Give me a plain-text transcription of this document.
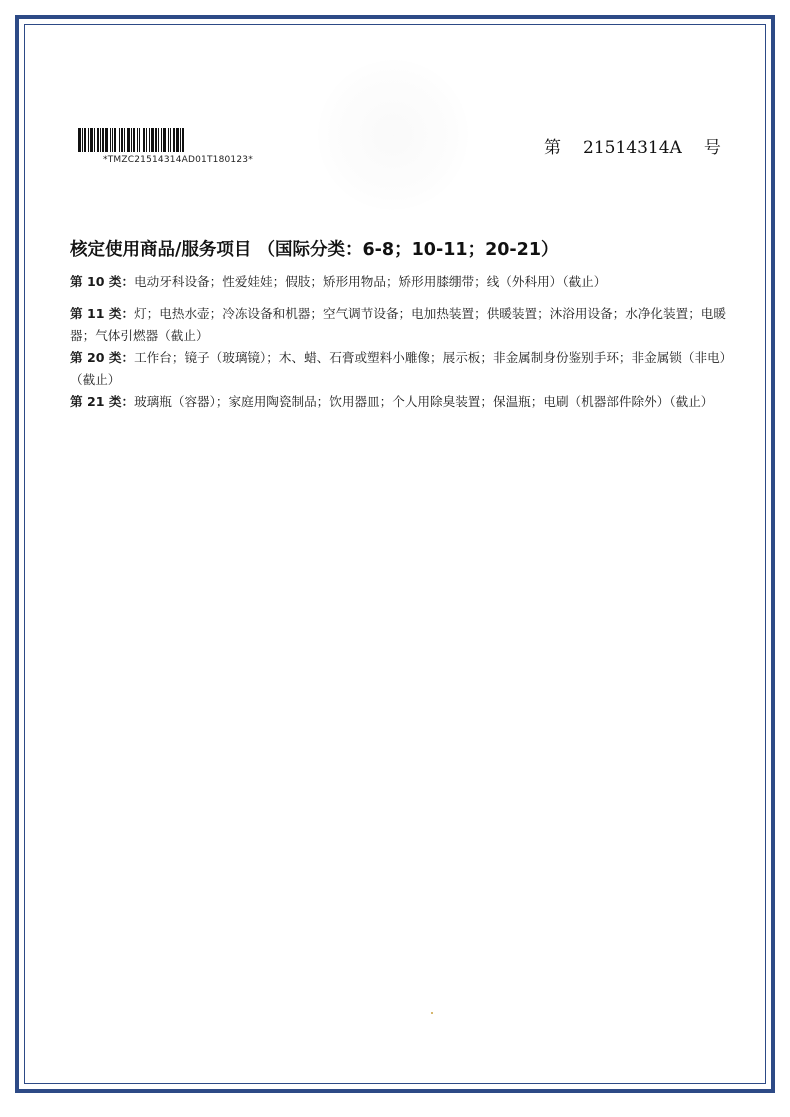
*TMZC21514314AD01T180123*
第 21514314A 号
核定使用商品/服务项目 （国际分类：6-8；10-11；20-21）

第 10 类：电动牙科设备；性爱娃娃；假肢；矫形用物品；矫形用膝绷带；线（外科用）（截止）

第 11 类：灯；电热水壶；冷冻设备和机器；空气调节设备；电加热装置；供暖装置；沐浴用设备；水净化装置；电暖器；气体引燃器（截止）

第 20 类：工作台；镜子（玻璃镜）；木、蜡、石膏或塑料小雕像；展示板；非金属制身份鉴别手环；非金属锁（非电）（截止）

第 21 类：玻璃瓶（容器）；家庭用陶瓷制品；饮用器皿；个人用除臭装置；保温瓶；电刷（机器部件除外）（截止）
